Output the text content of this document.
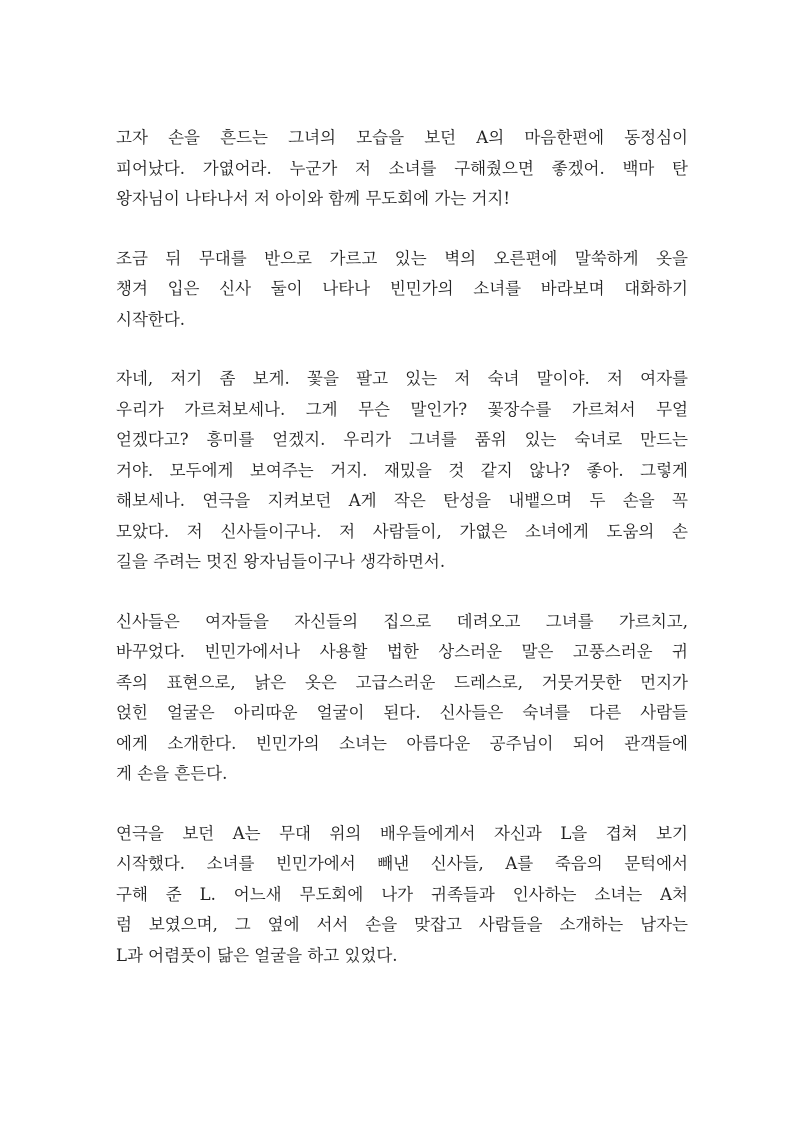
고자 손을 흔드는 그녀의 모습을 보던 A의 마음한편에 동정심이
피어났다. 가엾어라. 누군가 저 소녀를 구해줬으면 좋겠어. 백마 탄
왕자님이 나타나서 저 아이와 함께 무도회에 가는 거지!
조금 뒤 무대를 반으로 가르고 있는 벽의 오른편에 말쑥하게 옷을
챙겨 입은 신사 둘이 나타나 빈민가의 소녀를 바라보며 대화하기
시작한다.
자네, 저기 좀 보게. 꽃을 팔고 있는 저 숙녀 말이야. 저 여자를
우리가 가르쳐보세나. 그게 무슨 말인가? 꽃장수를 가르쳐서 무얼
얻겠다고? 흥미를 얻겠지. 우리가 그녀를 품위 있는 숙녀로 만드는
거야. 모두에게 보여주는 거지. 재밌을 것 같지 않나? 좋아. 그렇게
해보세나. 연극을 지켜보던 A게 작은 탄성을 내뱉으며 두 손을 꼭
모았다. 저 신사들이구나. 저 사람들이, 가엾은 소녀에게 도움의 손
길을 주려는 멋진 왕자님들이구나 생각하면서.
신사들은 여자들을 자신들의 집으로 데려오고 그녀를 가르치고,
바꾸었다. 빈민가에서나 사용할 법한 상스러운 말은 고풍스러운 귀
족의 표현으로, 낡은 옷은 고급스러운 드레스로, 거뭇거뭇한 먼지가
얹힌 얼굴은 아리따운 얼굴이 된다. 신사들은 숙녀를 다른 사람들
에게 소개한다. 빈민가의 소녀는 아름다운 공주님이 되어 관객들에
게 손을 흔든다.
연극을 보던 A는 무대 위의 배우들에게서 자신과 L을 겹쳐 보기
시작했다. 소녀를 빈민가에서 빼낸 신사들, A를 죽음의 문턱에서
구해 준 L. 어느새 무도회에 나가 귀족들과 인사하는 소녀는 A처
럼 보였으며, 그 옆에 서서 손을 맞잡고 사람들을 소개하는 남자는
L과 어렴풋이 닮은 얼굴을 하고 있었다.
